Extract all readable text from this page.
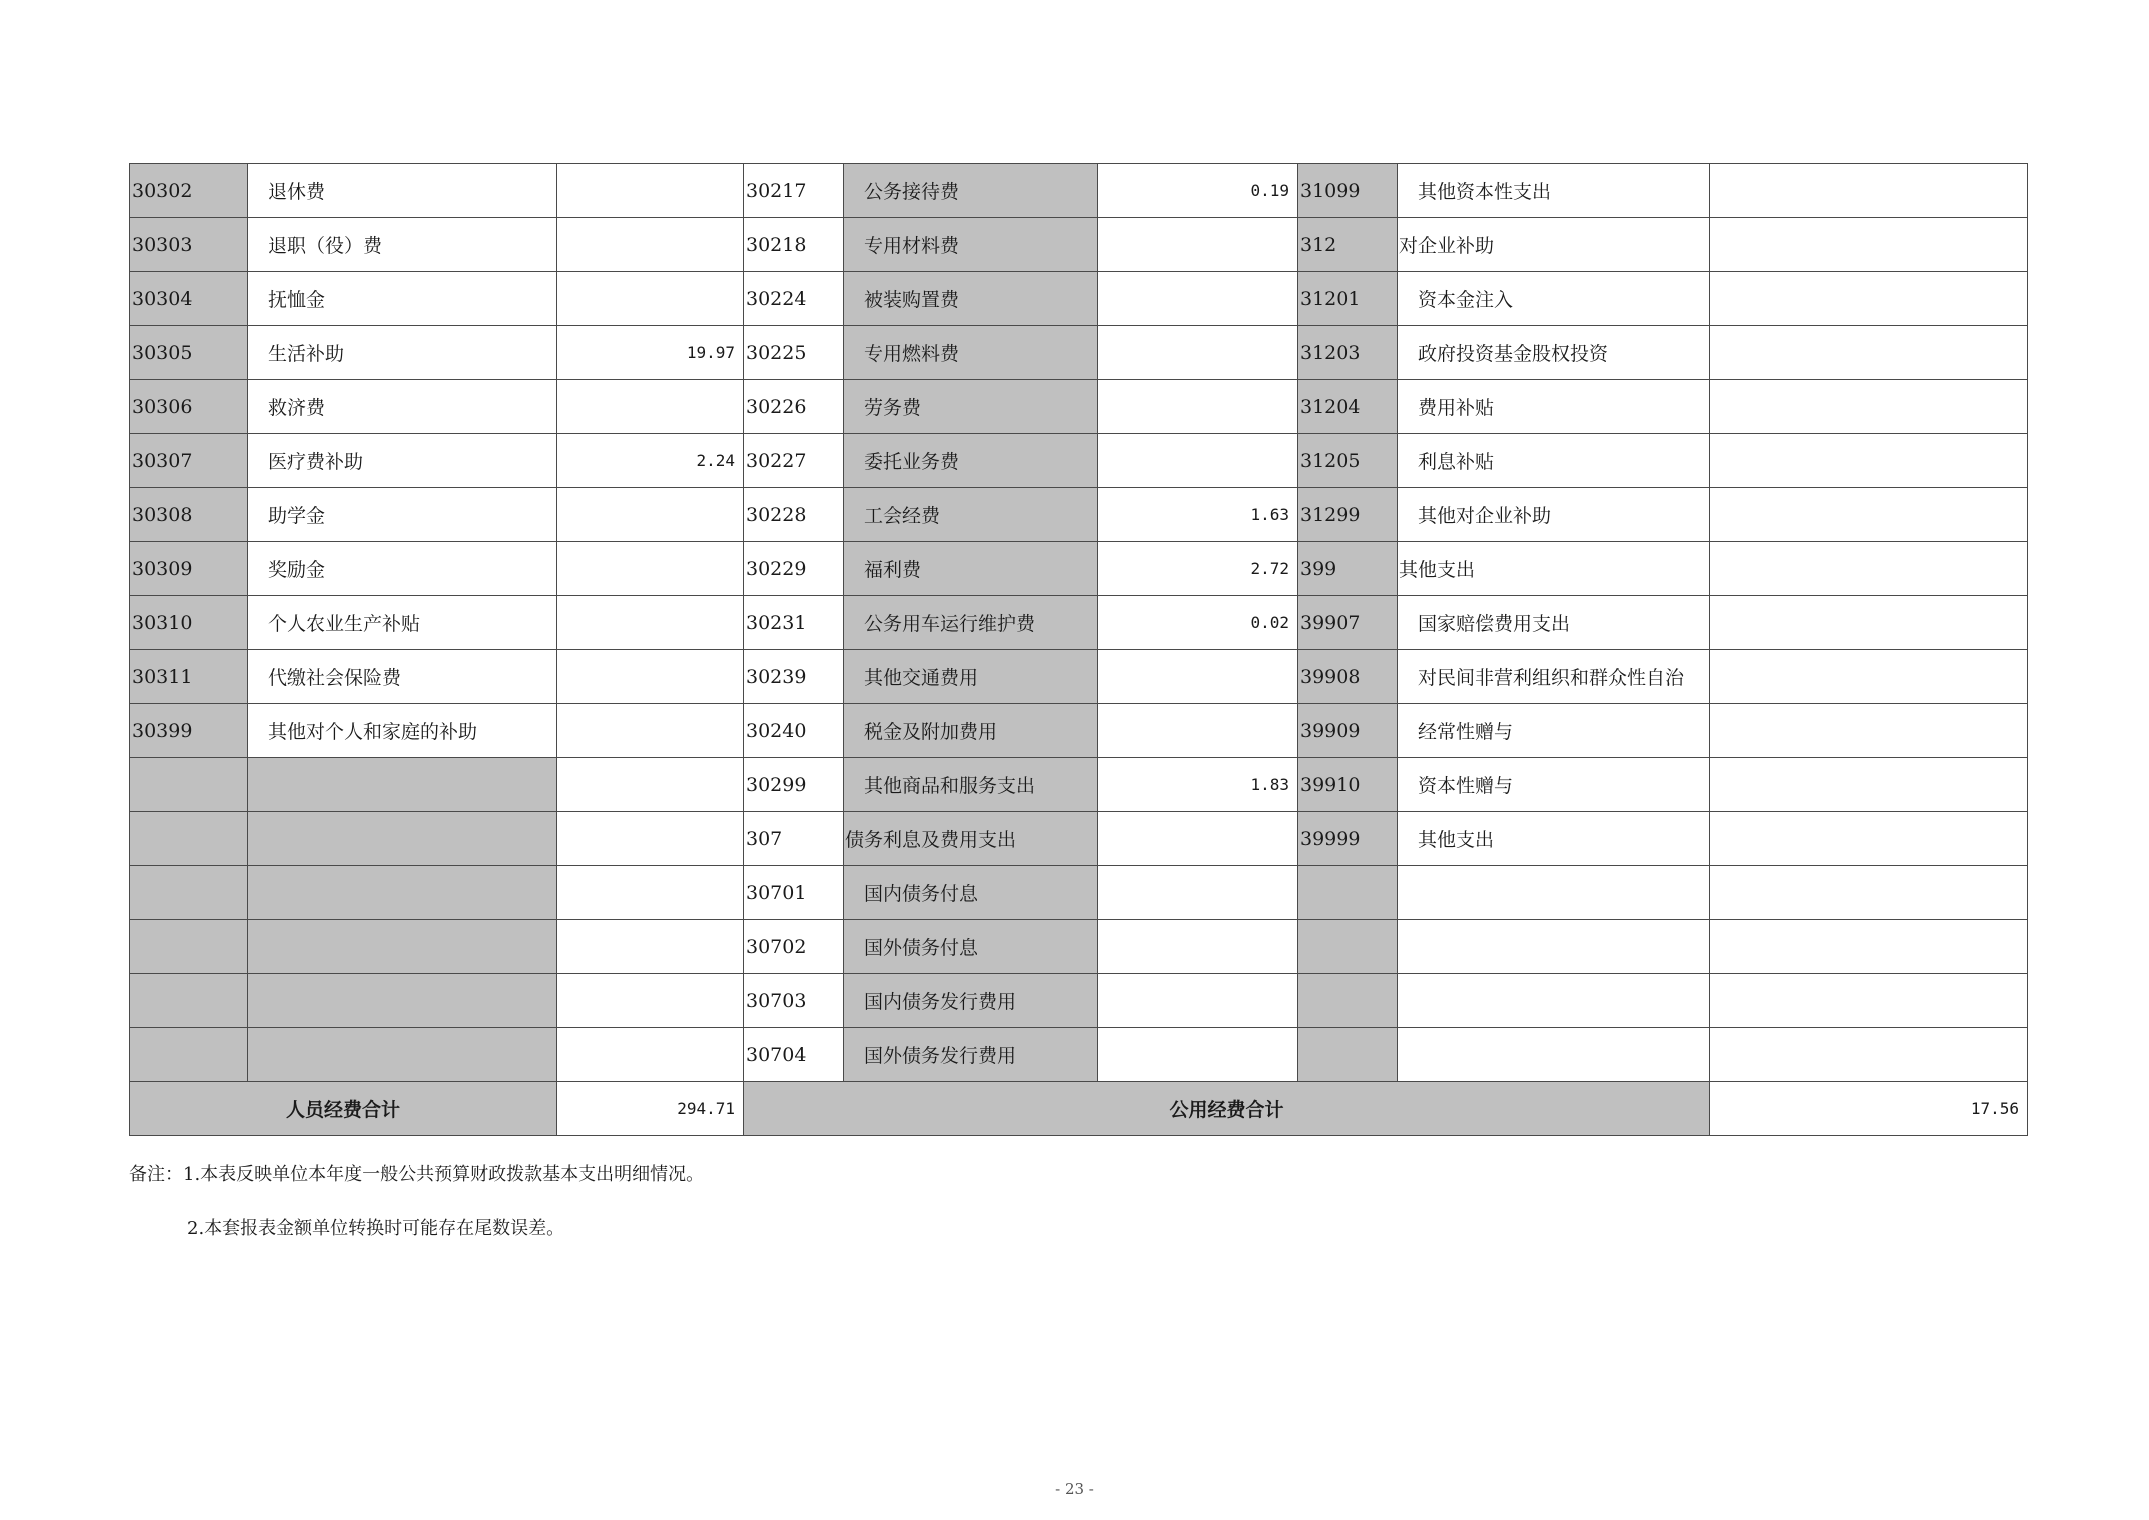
30302	退休费		30217	公务接待费	0.19	31099	其他资本性支出	
30303	退职（役）费		30218	专用材料费		312	对企业补助	
30304	抚恤金		30224	被装购置费		31201	资本金注入	
30305	生活补助	19.97	30225	专用燃料费		31203	政府投资基金股权投资	
30306	救济费		30226	劳务费		31204	费用补贴	
30307	医疗费补助	2.24	30227	委托业务费		31205	利息补贴	
30308	助学金		30228	工会经费	1.63	31299	其他对企业补助	
30309	奖励金		30229	福利费	2.72	399	其他支出	
30310	个人农业生产补贴		30231	公务用车运行维护费	0.02	39907	国家赔偿费用支出	
30311	代缴社会保险费		30239	其他交通费用		39908	对民间非营利组织和群众性自治	
30399	其他对个人和家庭的补助		30240	税金及附加费用		39909	经常性赠与	
			30299	其他商品和服务支出	1.83	39910	资本性赠与	
			307	债务利息及费用支出		39999	其他支出	
			30701	国内债务付息				
			30702	国外债务付息				
			30703	国内债务发行费用				
			30704	国外债务发行费用				
人员经费合计		294.71	公用经费合计					17.56
备注：1.本表反映单位本年度一般公共预算财政拨款基本支出明细情况。
2.本套报表金额单位转换时可能存在尾数误差。
- 23 -
